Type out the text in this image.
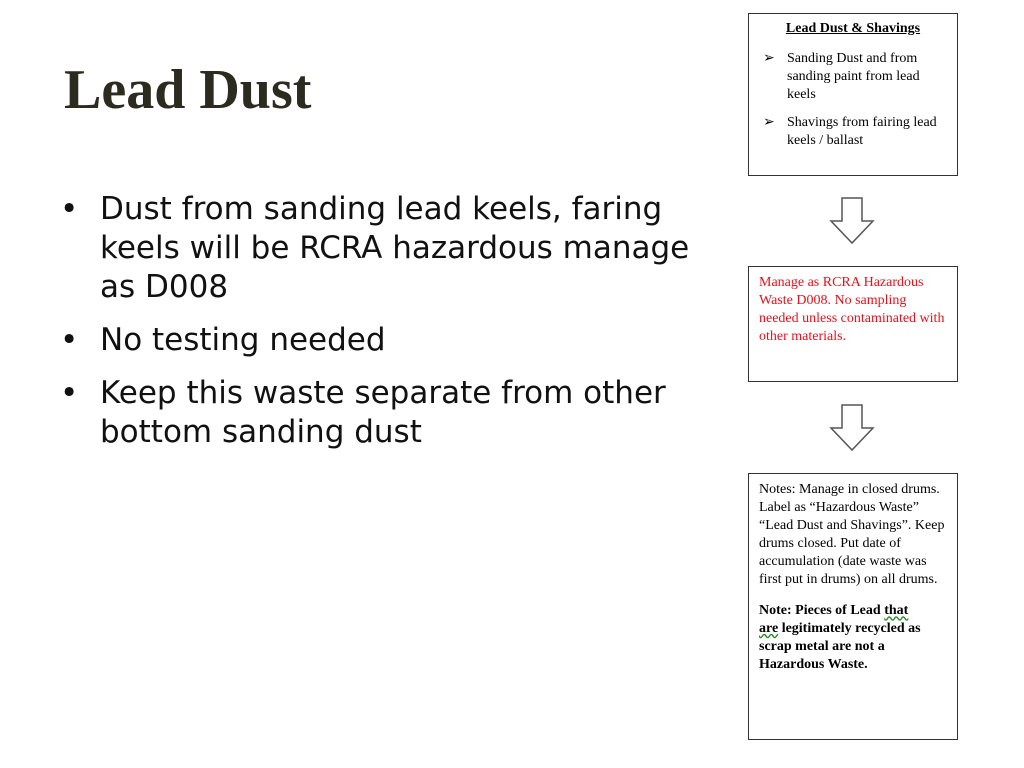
Lead Dust
• Dust from sanding lead keels, faring keels will be RCRA hazardous manage as D008
• No testing needed
• Keep this waste separate from other bottom sanding dust
Lead Dust & Shavings
➢ Sanding Dust and from sanding paint from lead keels
➢ Shavings from fairing lead keels / ballast
Manage as RCRA Hazardous Waste D008. No sampling needed unless contaminated with other materials.
Notes: Manage in closed drums. Label as “Hazardous Waste” “Lead Dust and Shavings”. Keep drums closed. Put date of accumulation (date waste was first put in drums) on all drums.
Note: Pieces of Lead that
are legitimately recycled as scrap metal are not a Hazardous Waste.
